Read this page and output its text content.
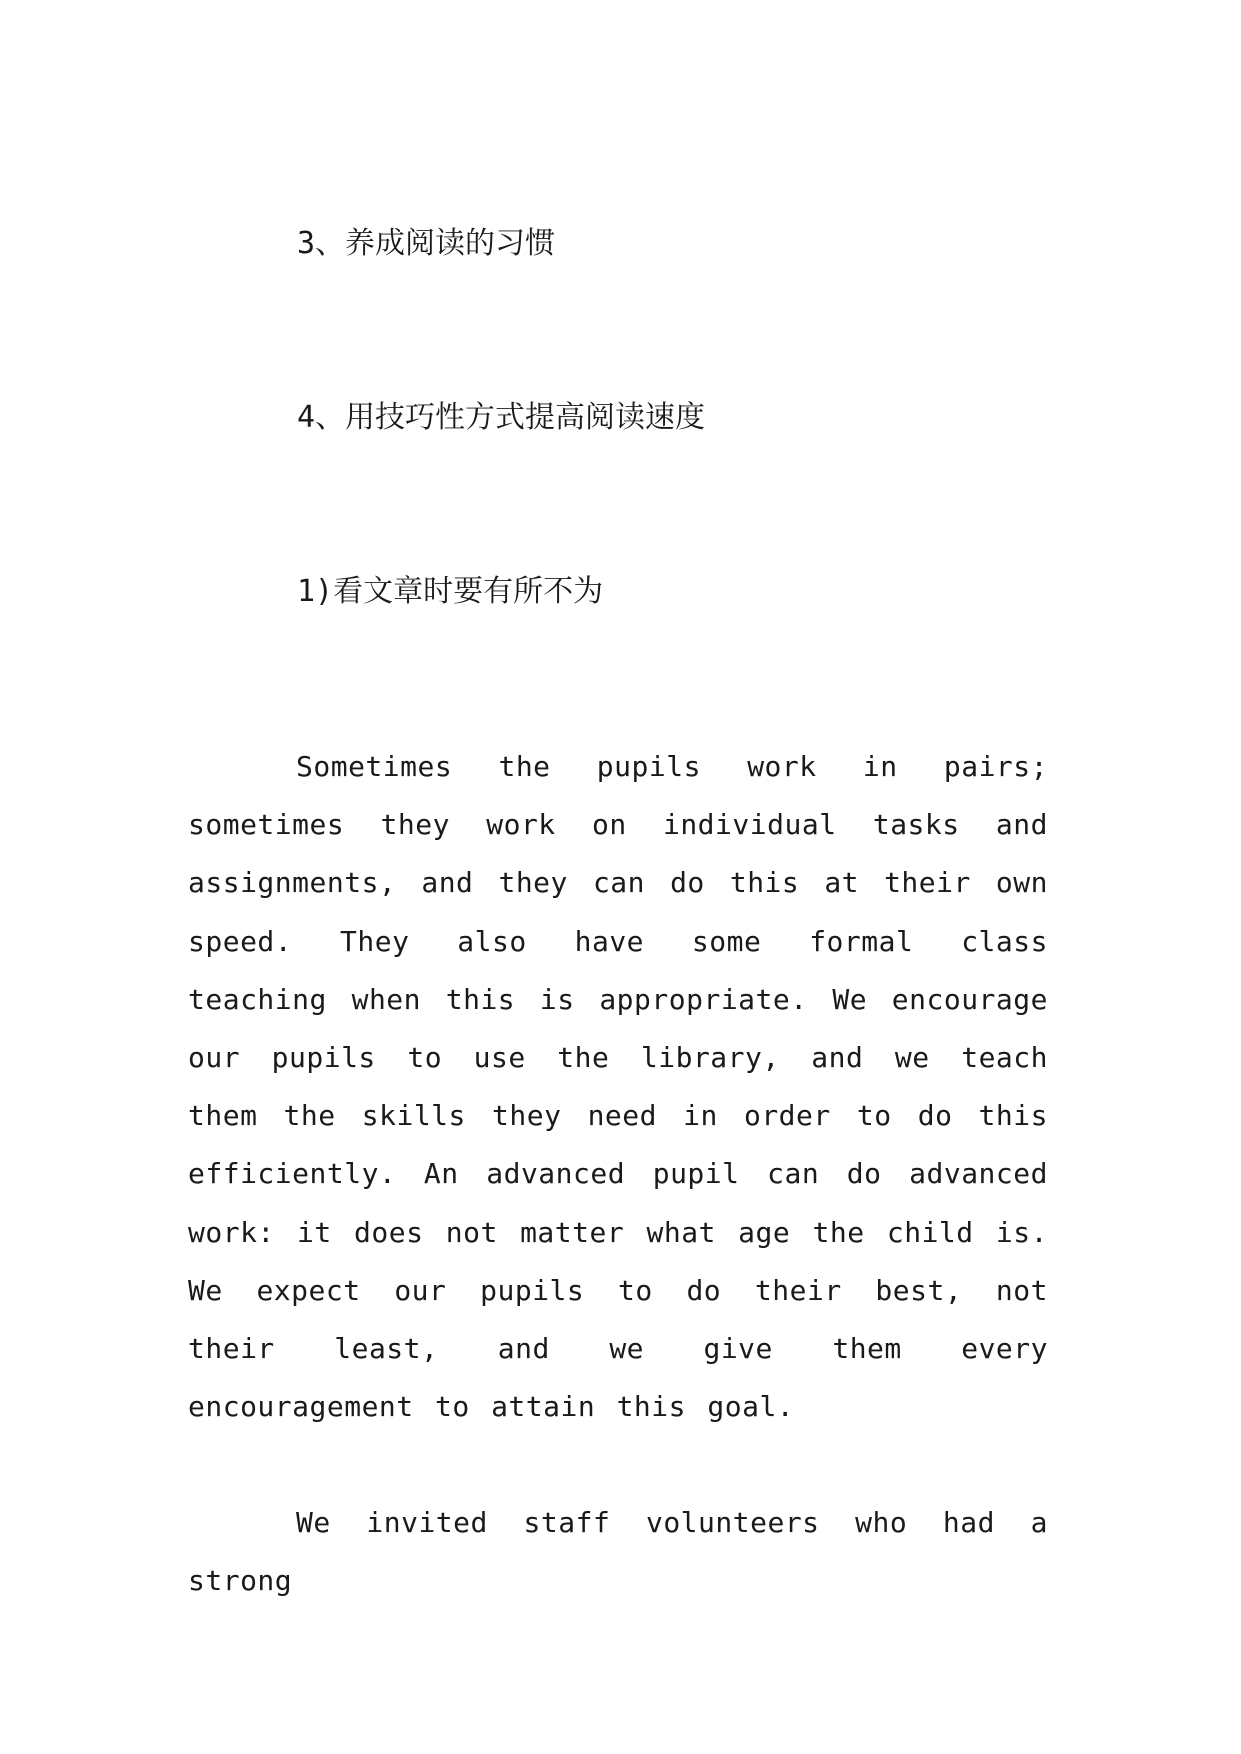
3、养成阅读的习惯
4、用技巧性方式提高阅读速度
1)看文章时要有所不为

Sometimes the pupils work in pairs; sometimes they work on individual tasks and assignments, and they can do this at their own speed. They also have some formal class teaching when this is appropriate. We encourage our pupils to use the library, and we teach them the skills they need in order to do this efficiently. An advanced pupil can do advanced work: it does not matter what age the child is. We expect our pupils to do their best, not their least, and we give them every encouragement to attain this goal.

We invited staff volunteers who had a strong
